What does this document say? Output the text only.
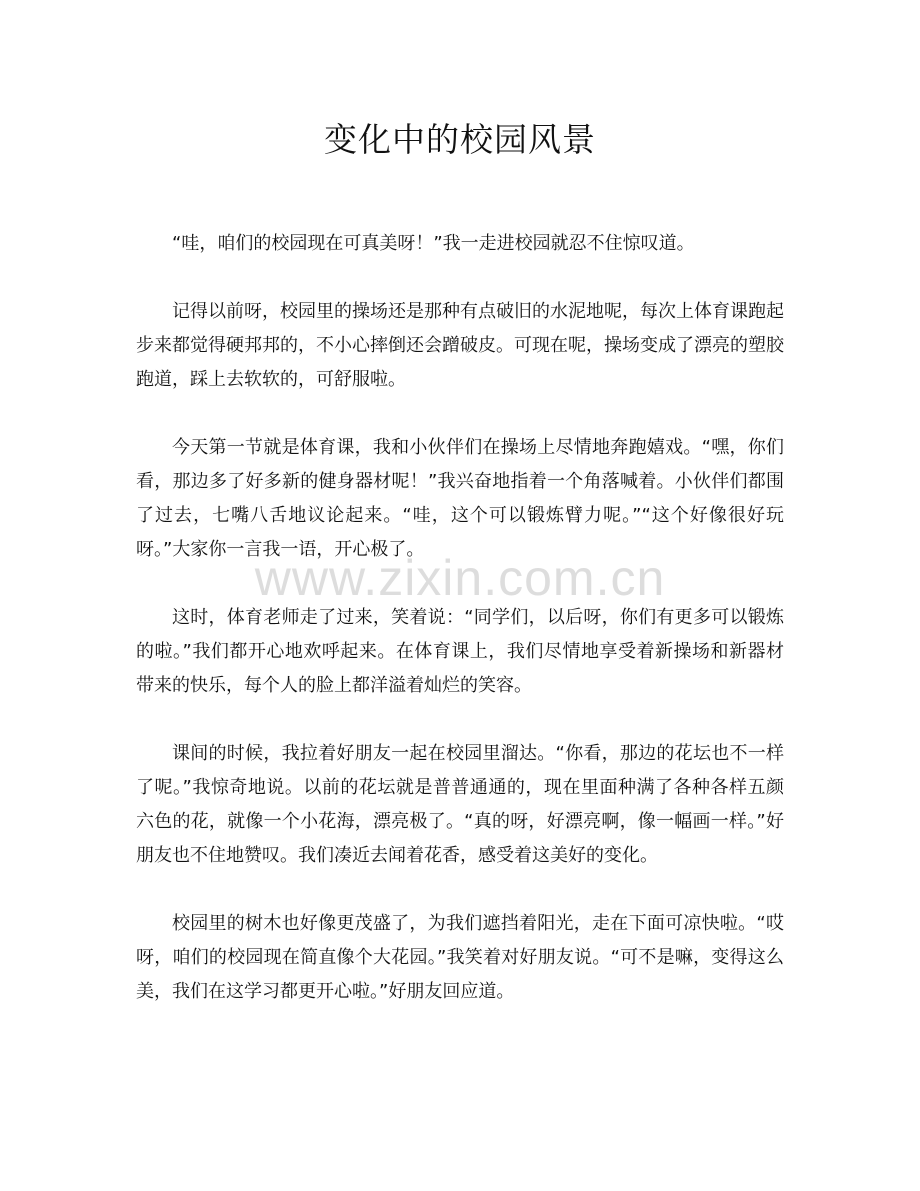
变化中的校园风景

“哇，咱们的校园现在可真美呀！”我一走进校园就忍不住惊叹道。

记得以前呀，校园里的操场还是那种有点破旧的水泥地呢，每次上体育课跑起步来都觉得硬邦邦的，不小心摔倒还会蹭破皮。可现在呢，操场变成了漂亮的塑胶跑道，踩上去软软的，可舒服啦。

今天第一节就是体育课，我和小伙伴们在操场上尽情地奔跑嬉戏。“嘿，你们看，那边多了好多新的健身器材呢！”我兴奋地指着一个角落喊着。小伙伴们都围了过去，七嘴八舌地议论起来。“哇，这个可以锻炼臂力呢。”“这个好像很好玩呀。”大家你一言我一语，开心极了。

这时，体育老师走了过来，笑着说：“同学们，以后呀，你们有更多可以锻炼的啦。”我们都开心地欢呼起来。在体育课上，我们尽情地享受着新操场和新器材带来的快乐，每个人的脸上都洋溢着灿烂的笑容。

课间的时候，我拉着好朋友一起在校园里溜达。“你看，那边的花坛也不一样了呢。”我惊奇地说。以前的花坛就是普普通通的，现在里面种满了各种各样五颜六色的花，就像一个小花海，漂亮极了。“真的呀，好漂亮啊，像一幅画一样。”好朋友也不住地赞叹。我们凑近去闻着花香，感受着这美好的变化。

校园里的树木也好像更茂盛了，为我们遮挡着阳光，走在下面可凉快啦。“哎呀，咱们的校园现在简直像个大花园。”我笑着对好朋友说。“可不是嘛，变得这么美，我们在这学习都更开心啦。”好朋友回应道。

www.zixin.com.cn
